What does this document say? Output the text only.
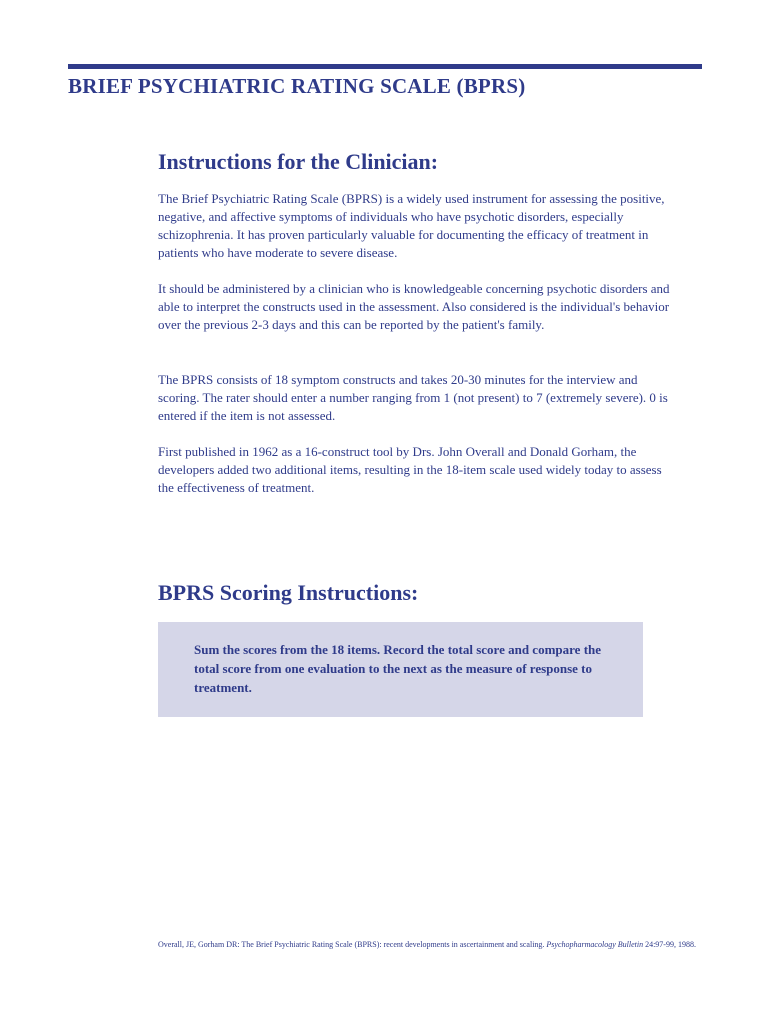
BRIEF PSYCHIATRIC RATING SCALE (BPRS)
Instructions for the Clinician:

The Brief Psychiatric Rating Scale (BPRS) is a widely used instrument for assessing the positive, negative, and affective symptoms of individuals who have psychotic disorders, especially schizophrenia. It has proven particularly valuable for documenting the efficacy of treatment in patients who have moderate to severe disease.

It should be administered by a clinician who is knowledgeable concerning psychotic disorders and able to interpret the constructs used in the assessment. Also considered is the individual's behavior over the previous 2-3 days and this can be reported by the patient's family.

The BPRS consists of 18 symptom constructs and takes 20-30 minutes for the interview and scoring. The rater should enter a number ranging from 1 (not present) to 7 (extremely severe). 0 is entered if the item is not assessed.

First published in 1962 as a 16-construct tool by Drs. John Overall and Donald Gorham, the developers added two additional items, resulting in the 18-item scale used widely today to assess the effectiveness of treatment.

BPRS Scoring Instructions:

Sum the scores from the 18 items. Record the total score and compare the total score from one evaluation to the next as the measure of response to treatment.

Overall, JE, Gorham DR: The Brief Psychiatric Rating Scale (BPRS): recent developments in ascertainment and scaling. Psychopharmacology Bulletin 24:97-99, 1988.
